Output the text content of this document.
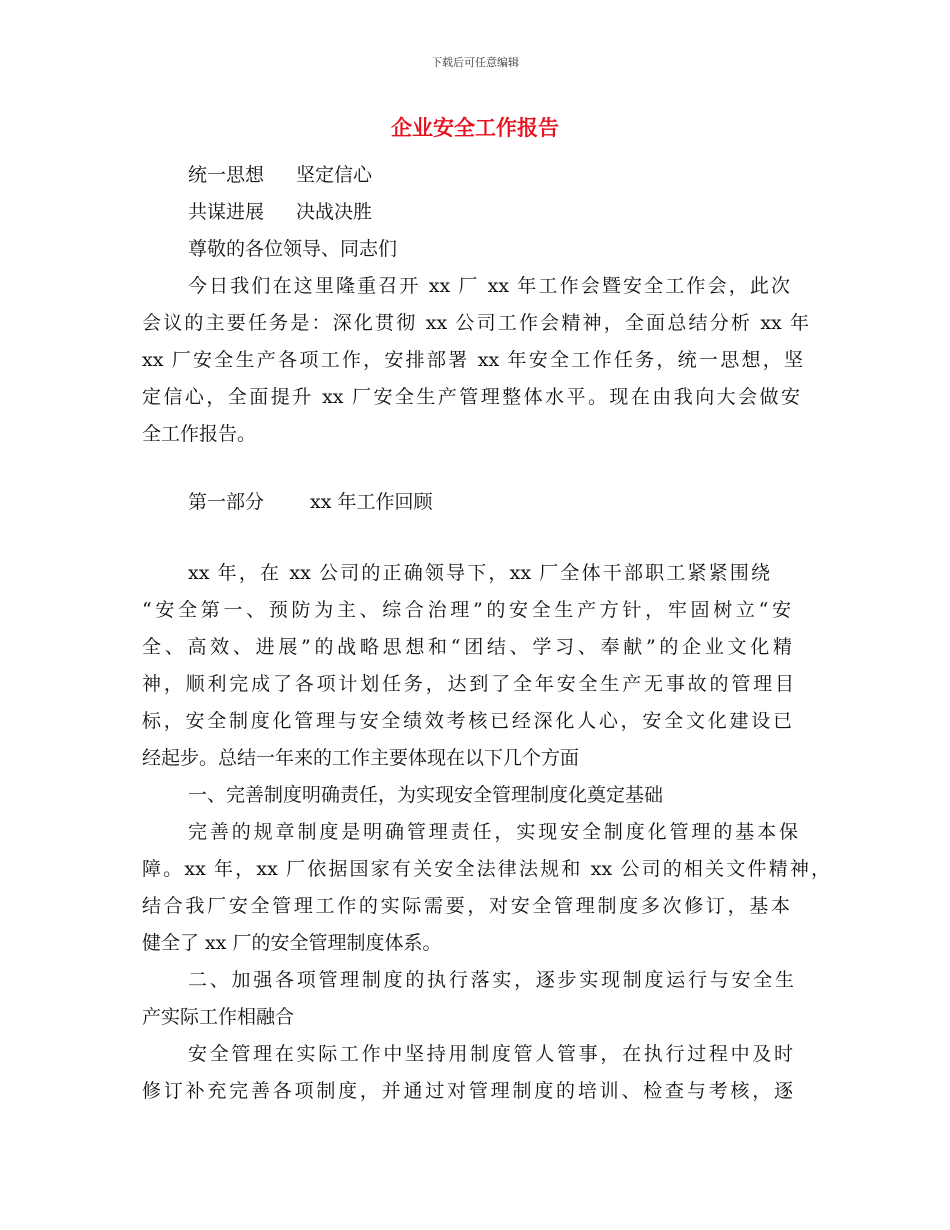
下载后可任意编辑
企业安全工作报告
统一思想 坚定信心
共谋进展 决战决胜
尊敬的各位领导、同志们
今日我们在这里隆重召开 xx 厂 xx 年工作会暨安全工作会，此次
会议的主要任务是：深化贯彻 xx 公司工作会精神，全面总结分析 xx 年
xx 厂安全生产各项工作，安排部署 xx 年安全工作任务，统一思想，坚
定信心，全面提升 xx 厂安全生产管理整体水平。现在由我向大会做安
全工作报告。
第一部分 xx 年工作回顾
xx 年，在 xx 公司的正确领导下，xx 厂全体干部职工紧紧围绕
“安全第一、预防为主、综合治理”的安全生产方针，牢固树立“安
全、高效、进展”的战略思想和“团结、学习、奉献”的企业文化精
神，顺利完成了各项计划任务，达到了全年安全生产无事故的管理目
标，安全制度化管理与安全绩效考核已经深化人心，安全文化建设已
经起步。总结一年来的工作主要体现在以下几个方面
一、完善制度明确责任，为实现安全管理制度化奠定基础
完善的规章制度是明确管理责任，实现安全制度化管理的基本保
障。xx 年，xx 厂依据国家有关安全法律法规和 xx 公司的相关文件精神，
结合我厂安全管理工作的实际需要，对安全管理制度多次修订，基本
健全了 xx 厂的安全管理制度体系。
二、加强各项管理制度的执行落实，逐步实现制度运行与安全生
产实际工作相融合
安全管理在实际工作中坚持用制度管人管事，在执行过程中及时
修订补充完善各项制度，并通过对管理制度的培训、检查与考核，逐
